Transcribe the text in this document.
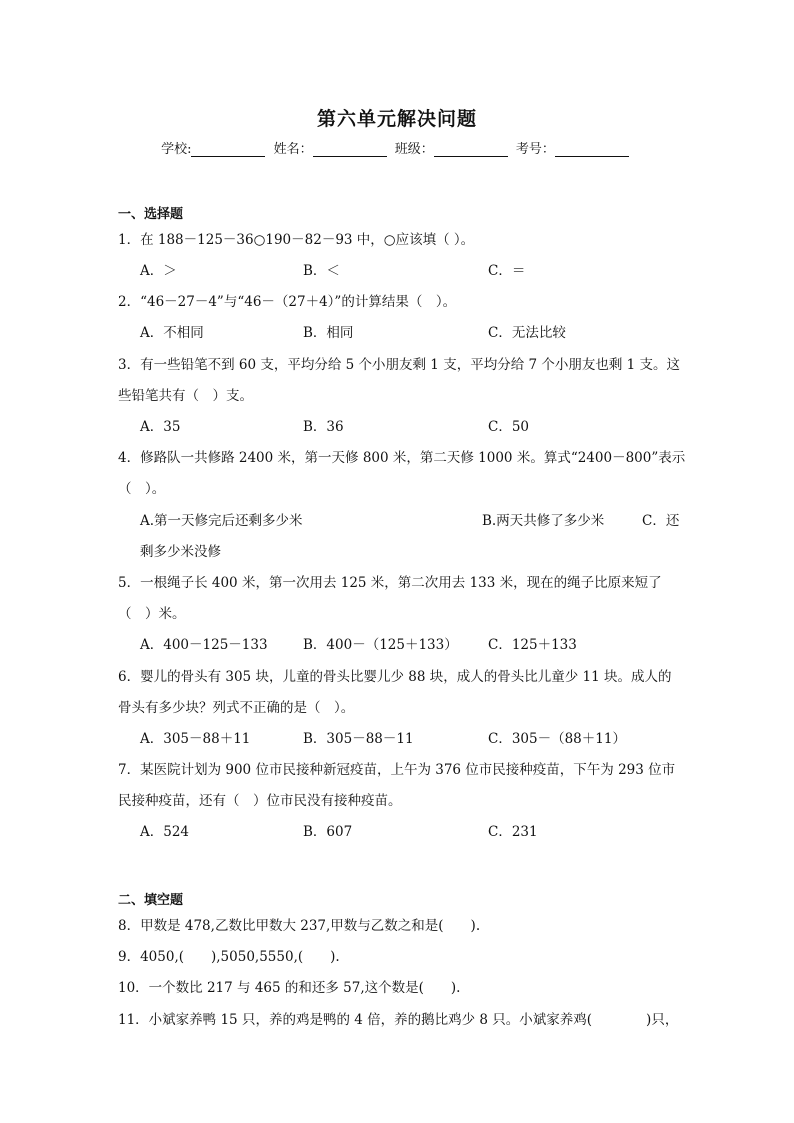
第六单元解决问题
学校:	姓名：	班级：	考号：
一、选择题
1．在 188－125－36○190－82－93 中，○应该填（ ）。
A．＞	B．＜	C．＝
2．“46－27－4”与“46－（27＋4）”的计算结果（　）。
A．不相同	B．相同	C．无法比较
3．有一些铅笔不到 60 支，平均分给 5 个小朋友剩 1 支，平均分给 7 个小朋友也剩 1 支。这
些铅笔共有（　）支。
A．35	B．36	C．50
4．修路队一共修路 2400 米，第一天修 800 米，第二天修 1000 米。算式“2400－800”表示
（　）。
A.第一天修完后还剩多少米	B.两天共修了多少米	C．还
剩多少米没修
5．一根绳子长 400 米，第一次用去 125 米，第二次用去 133 米，现在的绳子比原来短了
（　）米。
A．400－125－133	B．400－（125＋133） C．125＋133
6．婴儿的骨头有 305 块，儿童的骨头比婴儿少 88 块，成人的骨头比儿童少 11 块。成人的
骨头有多少块？列式不正确的是（　）。
A．305－88＋11	B．305－88－11	C．305－（88＋11）
7．某医院计划为 900 位市民接种新冠疫苗，上午为 376 位市民接种疫苗，下午为 293 位市
民接种疫苗，还有（　）位市民没有接种疫苗。
A．524	B．607	C．231
二、填空题
8．甲数是 478,乙数比甲数大 237,甲数与乙数之和是(　　).
9．4050,(　　),5050,5550,(　　).
10．一个数比 217 与 465 的和还多 57,这个数是(　　).
11．小斌家养鸭 15 只，养的鸡是鸭的 4 倍，养的鹅比鸡少 8 只。小斌家养鸡(　　　　)只，
